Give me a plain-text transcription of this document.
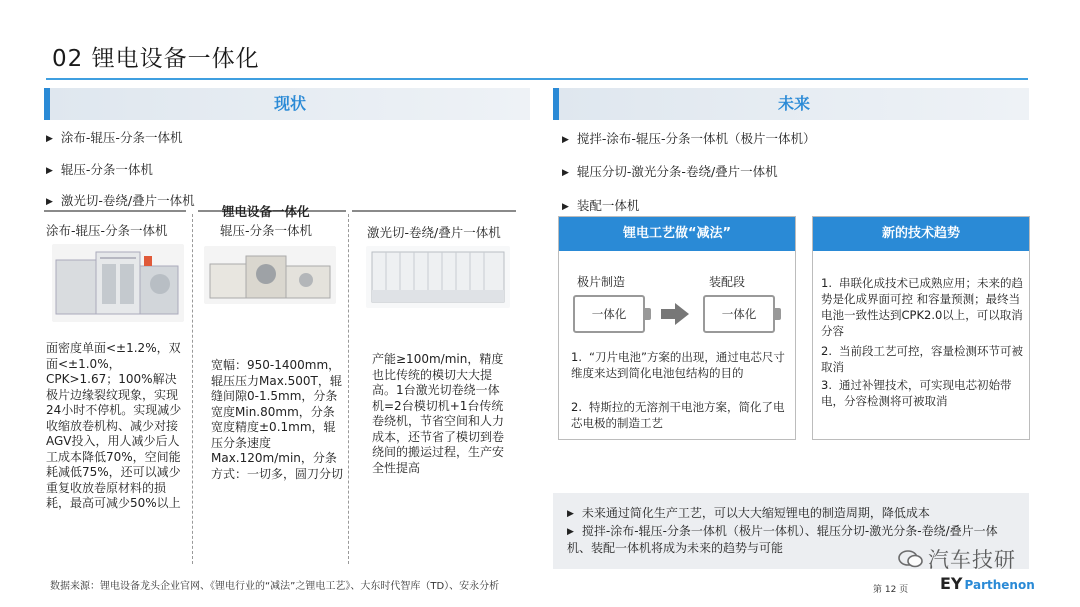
02 锂电设备一体化
现状	未来
▶ 涂布-辊压-分条一体机
▶ 辊压-分条一体机
▶ 激光切-卷绕/叠片一体机
锂电设备一体化
涂布-辊压-分条一体机	辊压-分条一体机	激光切-卷绕/叠片一体机
面密度单面<±1.2%，双面<±1.0%，CPK>1.67；100%解决极片边缘裂纹现象，实现24小时不停机。实现减少收缩放卷机构、减少对接AGV投入，用人减少后人工成本降低70%，空间能耗减低75%，还可以减少重复收放卷原材料的损耗，最高可减少50%以上
宽幅：950-1400mm，辊压压力Max.500T，辊缝间隙0-1.5mm，分条宽度Min.80mm，分条宽度精度±0.1mm，辊压分条速度Max.120m/min，分条方式：一切多，圆刀分切
产能≥100m/min，精度也比传统的模切大大提高。1台激光切卷绕一体机=2台模切机+1台传统卷绕机，节省空间和人力成本，还节省了模切到卷绕间的搬运过程，生产安全性提高
▶ 搅拌-涂布-辊压-分条一体机（极片一体机）
▶ 辊压分切-激光分条-卷绕/叠片一体机
▶ 装配一体机
锂电工艺做“减法”
极片制造	装配段
一体化	一体化
1. “刀片电池”方案的出现，通过电芯尺寸维度来达到简化电池包结构的目的
2. 特斯拉的无溶剂干电池方案，简化了电芯电极的制造工艺
新的技术趋势
1. 串联化成技术已成熟应用；未来的趋势是化成界面可控 和容量预测；最终当电池一致性达到CPK2.0以上，可以取消分容
2. 当前段工艺可控，容量检测环节可被取消
3. 通过补锂技术，可实现电芯初始带电，分容检测将可被取消
▶ 未来通过简化生产工艺，可以大大缩短锂电的制造周期，降低成本
▶ 搅拌-涂布-辊压-分条一体机（极片一体机）、辊压分切-激光分条-卷绕/叠片一体机、装配一体机将成为未来的趋势与可能
数据来源：锂电设备龙头企业官网、《锂电行业的“减法”之锂电工艺》、大东时代智库（TD）、安永分析	第 12 页
汽车技研
EY Parthenon
